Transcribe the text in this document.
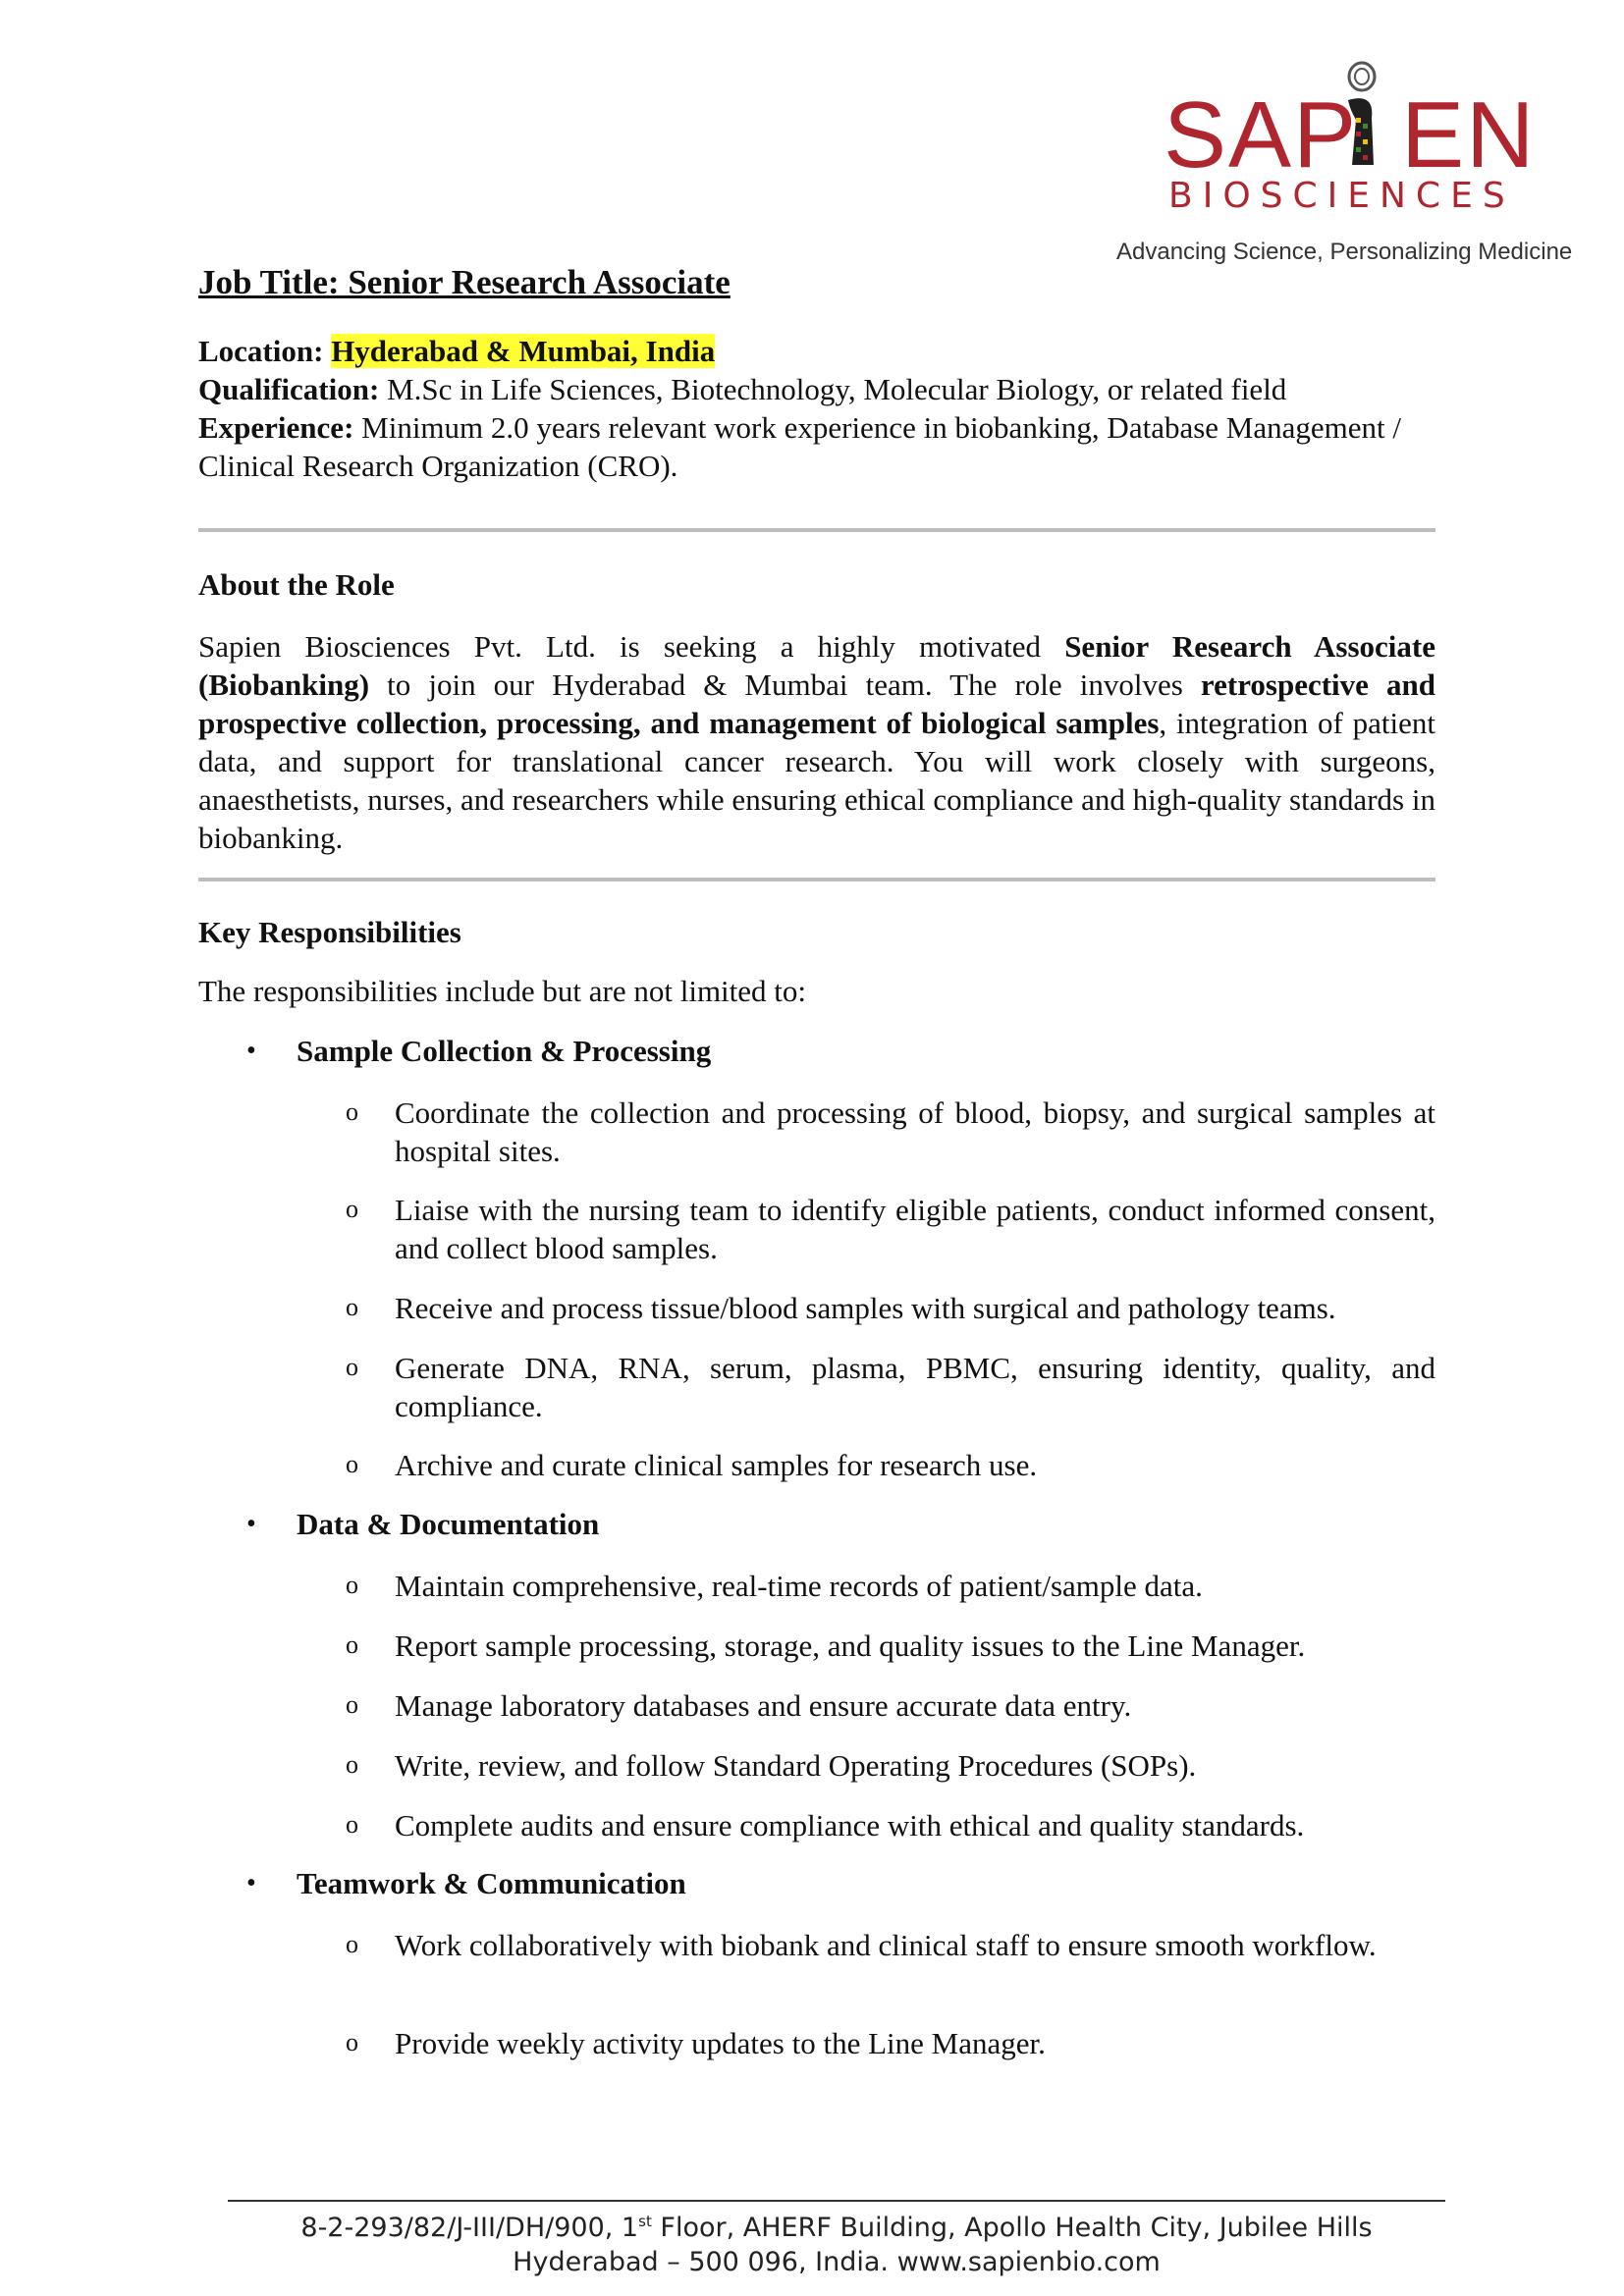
SAP EN
BIOSCIENCES
Advancing Science, Personalizing Medicine
Job Title: Senior Research Associate
Location: Hyderabad & Mumbai, India
Qualification: M.Sc in Life Sciences, Biotechnology, Molecular Biology, or related field
Experience: Minimum 2.0 years relevant work experience in biobanking, Database Management / Clinical Research Organization (CRO).
About the Role
Sapien Biosciences Pvt. Ltd. is seeking a highly motivated Senior Research Associate (Biobanking) to join our Hyderabad & Mumbai team. The role involves retrospective and prospective collection, processing, and management of biological samples, integration of patient data, and support for translational cancer research. You will work closely with surgeons, anaesthetists, nurses, and researchers while ensuring ethical compliance and high-quality standards in biobanking.
Key Responsibilities
The responsibilities include but are not limited to:
• Sample Collection & Processing
o Coordinate the collection and processing of blood, biopsy, and surgical samples at hospital sites.
o Liaise with the nursing team to identify eligible patients, conduct informed consent, and collect blood samples.
o Receive and process tissue/blood samples with surgical and pathology teams.
o Generate DNA, RNA, serum, plasma, PBMC, ensuring identity, quality, and compliance.
o Archive and curate clinical samples for research use.
• Data & Documentation
o Maintain comprehensive, real-time records of patient/sample data.
o Report sample processing, storage, and quality issues to the Line Manager.
o Manage laboratory databases and ensure accurate data entry.
o Write, review, and follow Standard Operating Procedures (SOPs).
o Complete audits and ensure compliance with ethical and quality standards.
• Teamwork & Communication
o Work collaboratively with biobank and clinical staff to ensure smooth workflow.
o Provide weekly activity updates to the Line Manager.
8-2-293/82/J-III/DH/900, 1st Floor, AHERF Building, Apollo Health City, Jubilee Hills
Hyderabad – 500 096, India. www.sapienbio.com
